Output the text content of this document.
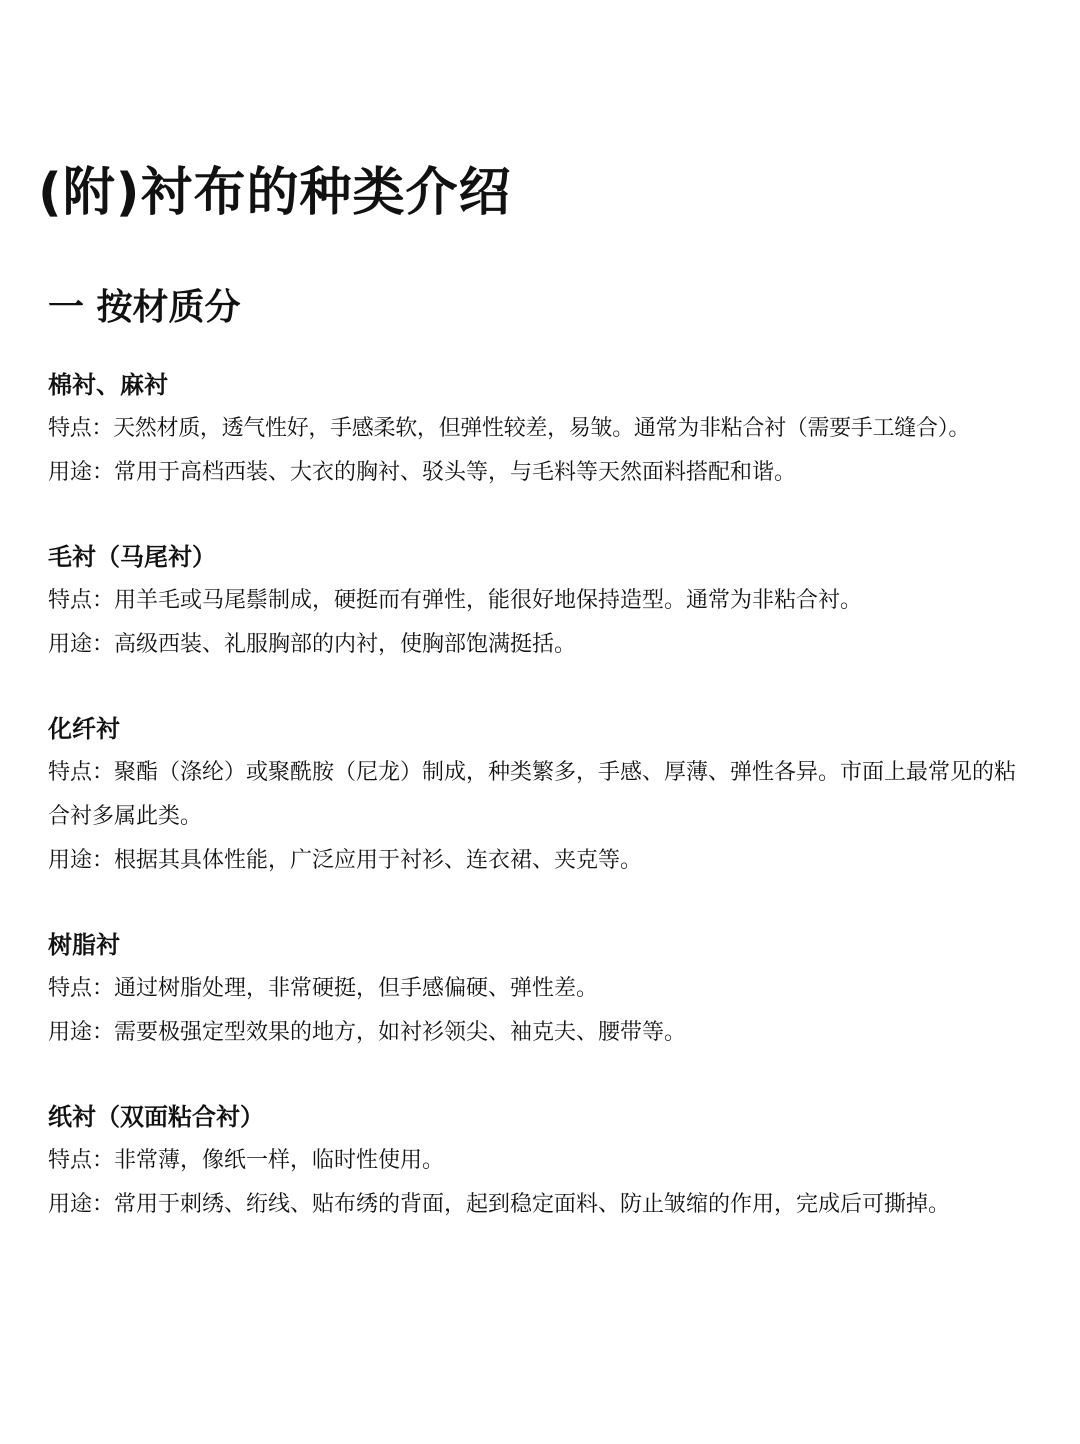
(附)衬布的种类介绍
一 按材质分

棉衬、麻衬

特点：天然材质，透气性好，手感柔软，但弹性较差，易皱。通常为非粘合衬（需要手工缝合）。

用途：常用于高档西装、大衣的胸衬、驳头等，与毛料等天然面料搭配和谐。

毛衬（马尾衬）

特点：用羊毛或马尾鬃制成，硬挺而有弹性，能很好地保持造型。通常为非粘合衬。

用途：高级西装、礼服胸部的内衬，使胸部饱满挺括。

化纤衬

特点：聚酯（涤纶）或聚酰胺（尼龙）制成，种类繁多，手感、厚薄、弹性各异。市面上最常见的粘合衬多属此类。

用途：根据其具体性能，广泛应用于衬衫、连衣裙、夹克等。

树脂衬

特点：通过树脂处理，非常硬挺，但手感偏硬、弹性差。

用途：需要极强定型效果的地方，如衬衫领尖、袖克夫、腰带等。

纸衬（双面粘合衬）

特点：非常薄，像纸一样，临时性使用。

用途：常用于刺绣、绗线、贴布绣的背面，起到稳定面料、防止皱缩的作用，完成后可撕掉。
